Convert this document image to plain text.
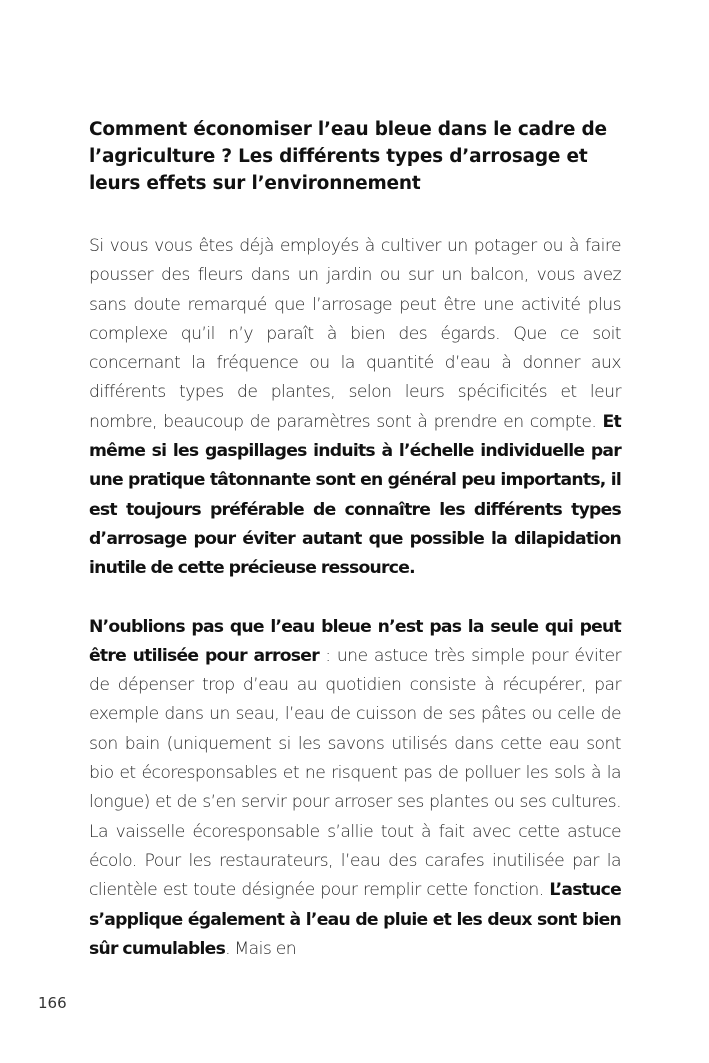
Comment économiser l’eau bleue dans le cadre de l’agriculture ? Les différents types d’arrosage et leurs effets sur l’environnement

Si vous vous êtes déjà employés à cultiver un potager ou à faire pousser des fleurs dans un jardin ou sur un balcon, vous avez sans doute remarqué que l’arrosage peut être une activité plus complexe qu’il n’y paraît à bien des égards. Que ce soit concernant la fréquence ou la quantité d’eau à donner aux différents types de plantes, selon leurs spécificités et leur nombre, beaucoup de paramètres sont à prendre en compte. Et même si les gaspillages induits à l’échelle individuelle par une pratique tâtonnante sont en général peu importants, il est toujours préférable de connaître les différents types d’arrosage pour éviter autant que possible la dilapidation inutile de cette précieuse ressource.

N’oublions pas que l’eau bleue n’est pas la seule qui peut être utilisée pour arroser : une astuce très simple pour éviter de dépenser trop d’eau au quotidien consiste à récupérer, par exemple dans un seau, l’eau de cuisson de ses pâtes ou celle de son bain (uniquement si les savons utilisés dans cette eau sont bio et écoresponsables et ne risquent pas de polluer les sols à la longue) et de s’en servir pour arroser ses plantes ou ses cultures. La vaisselle écoresponsable s’allie tout à fait avec cette astuce écolo. Pour les restaurateurs, l’eau des carafes inutilisée par la clientèle est toute désignée pour remplir cette fonction. L’astuce s’applique également à l’eau de pluie et les deux sont bien sûr cumulables. Mais en

166
